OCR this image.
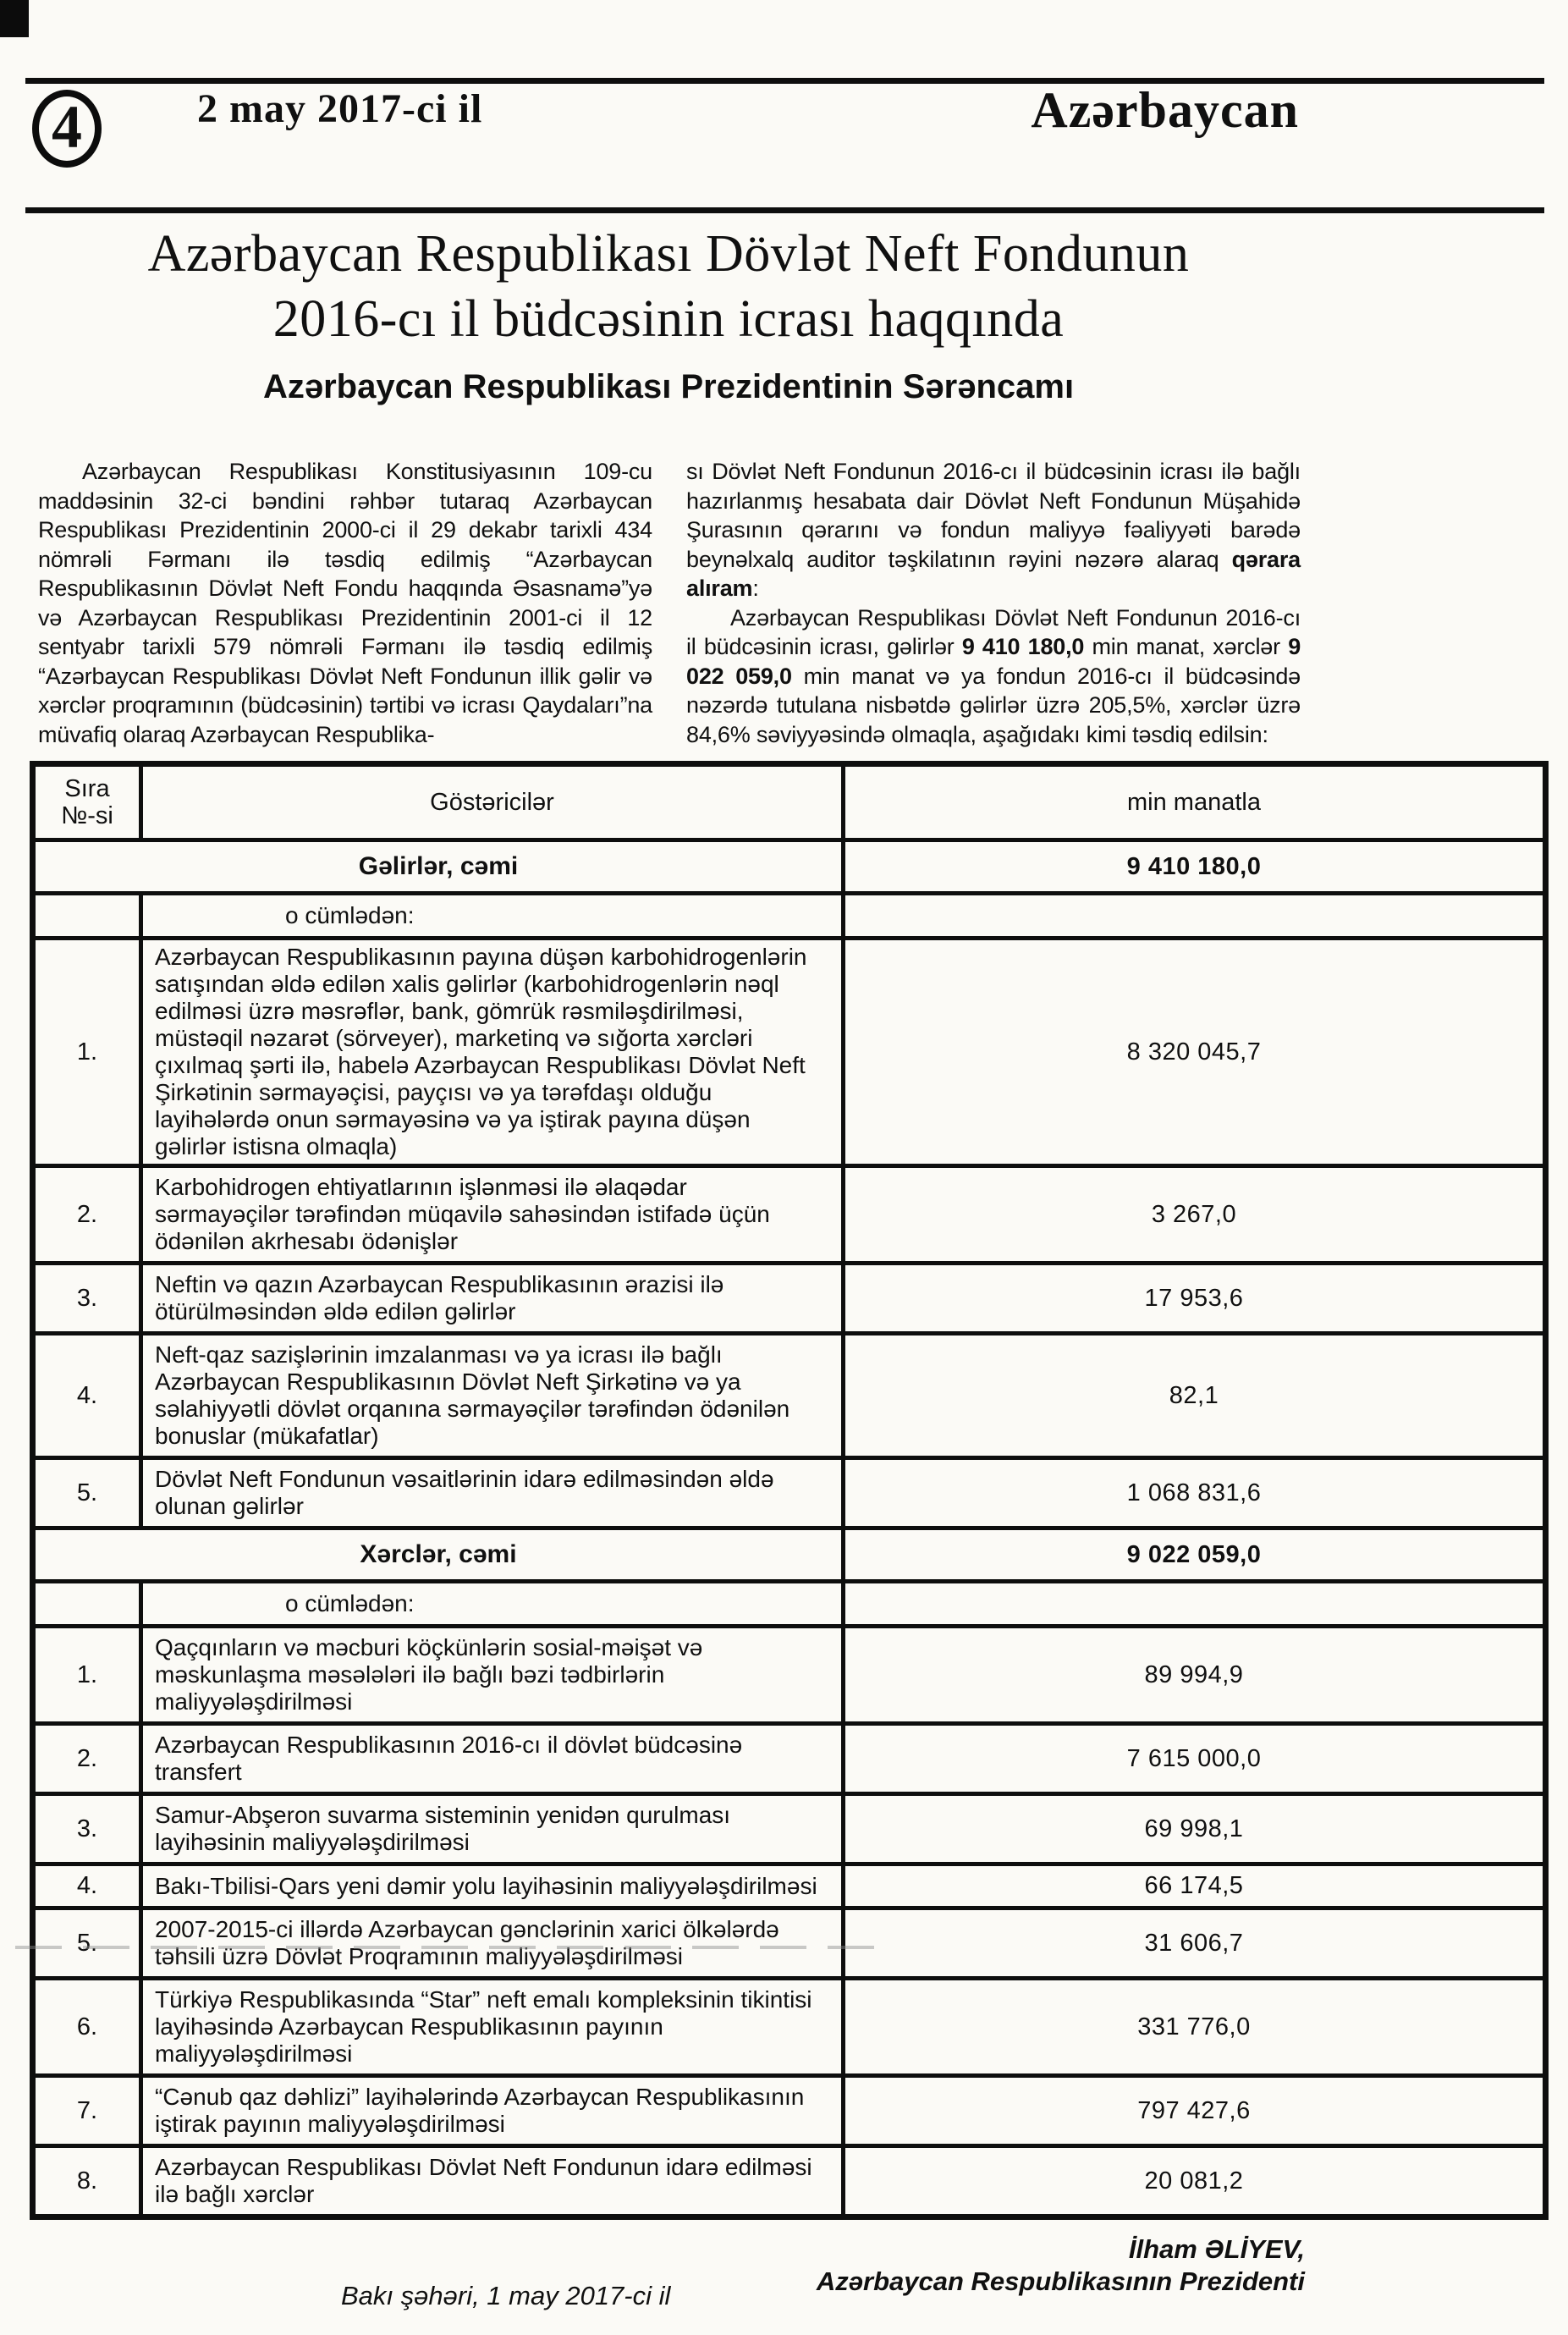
4	2 may 2017-ci il	Azərbaycan
Azərbaycan Respublikası Dövlət Neft Fondunun
2016-cı il büdcəsinin icrası haqqında
Azərbaycan Respublikası Prezidentinin Sərəncamı

Azərbaycan Respublikası Konstitusiyasının 109-cu maddəsinin 32-ci bəndini rəhbər tutaraq Azərbaycan Respublikası Prezidentinin 2000-ci il 29 dekabr tarixli 434 nömrəli Fərmanı ilə təsdiq edilmiş “Azərbaycan Respublikasının Dövlət Neft Fondu haqqında Əsasnamə”yə və Azərbaycan Respublikası Prezidentinin 2001-ci il 12 sentyabr tarixli 579 nömrəli Fərmanı ilə təsdiq edilmiş “Azərbaycan Respublikası Dövlət Neft Fondunun illik gəlir və xərclər proqramının (büdcəsinin) tərtibi və icrası Qaydaları”na müvafiq olaraq Azərbaycan Respublika-

sı Dövlət Neft Fondunun 2016-cı il büdcəsinin icrası ilə bağlı hazırlanmış hesabata dair Dövlət Neft Fondunun Müşahidə Şurasının qərarını və fondun maliyyə fəaliyyəti barədə beynəlxalq auditor təşkilatının rəyini nəzərə alaraq qərara alıram:

Azərbaycan Respublikası Dövlət Neft Fondunun 2016-cı il büdcəsinin icrası, gəlirlər 9 410 180,0 min manat, xərclər 9 022 059,0 min manat və ya fondun 2016-cı il büdcəsində nəzərdə tutulana nisbətdə gəlirlər üzrə 205,5%, xərclər üzrə 84,6% səviyyəsində olmaqla, aşağıdakı kimi təsdiq edilsin:

Sıra
№-si	Göstəricilər	min manatla
Gəlirlər, cəmi		9 410 180,0
	o cümlədən:	
1.	Azərbaycan Respublikasının payına düşən karbohidrogenlərin satışından əldə edilən xalis gəlirlər (karbohidrogenlərin nəql edilməsi üzrə məsrəflər, bank, gömrük rəsmiləşdirilməsi, müstəqil nəzarət (sörveyer), marketinq və sığorta xərcləri çıxılmaq şərti ilə, habelə Azərbaycan Respublikası Dövlət Neft Şirkətinin sərmayəçisi, payçısı və ya tərəfdaşı olduğu layihələrdə onun sərmayəsinə və ya iştirak payına düşən gəlirlər istisna olmaqla)	8 320 045,7
2.	Karbohidrogen ehtiyatlarının işlənməsi ilə əlaqədar sərmayəçilər tərəfindən müqavilə sahəsindən istifadə üçün ödənilən akrhesabı ödənişlər	3 267,0
3.	Neftin və qazın Azərbaycan Respublikasının ərazisi ilə ötürülməsindən əldə edilən gəlirlər	17 953,6
4.	Neft-qaz sazişlərinin imzalanması və ya icrası ilə bağlı Azərbaycan Respublikasının Dövlət Neft Şirkətinə və ya səlahiyyətli dövlət orqanına sərmayəçilər tərəfindən ödənilən bonuslar (mükafatlar)	82,1
5.	Dövlət Neft Fondunun vəsaitlərinin idarə edilməsindən əldə olunan gəlirlər	1 068 831,6
Xərclər, cəmi		9 022 059,0
	o cümlədən:	
1.	Qaçqınların və məcburi köçkünlərin sosial-məişət və məskunlaşma məsələləri ilə bağlı bəzi tədbirlərin maliyyələşdirilməsi	89 994,9
2.	Azərbaycan Respublikasının 2016-cı il dövlət büdcəsinə transfert	7 615 000,0
3.	Samur-Abşeron suvarma sisteminin yenidən qurulması layihəsinin maliyyələşdirilməsi	69 998,1
4.	Bakı-Tbilisi-Qars yeni dəmir yolu layihəsinin maliyyələşdirilməsi	66 174,5
5.	2007-2015-ci illərdə Azərbaycan gənclərinin xarici ölkələrdə təhsili üzrə Dövlət Proqramının maliyyələşdirilməsi	31 606,7
6.	Türkiyə Respublikasında “Star” neft emalı kompleksinin tikintisi layihəsində Azərbaycan Respublikasının payının maliyyələşdirilməsi	331 776,0
7.	“Cənub qaz dəhlizi” layihələrində Azərbaycan Respublikasının iştirak payının maliyyələşdirilməsi	797 427,6
8.	Azərbaycan Respublikası Dövlət Neft Fondunun idarə edilməsi ilə bağlı xərclər	20 081,2
İlham ƏLİYEV,
Azərbaycan Respublikasının Prezidenti
Bakı şəhəri, 1 may 2017-ci il
